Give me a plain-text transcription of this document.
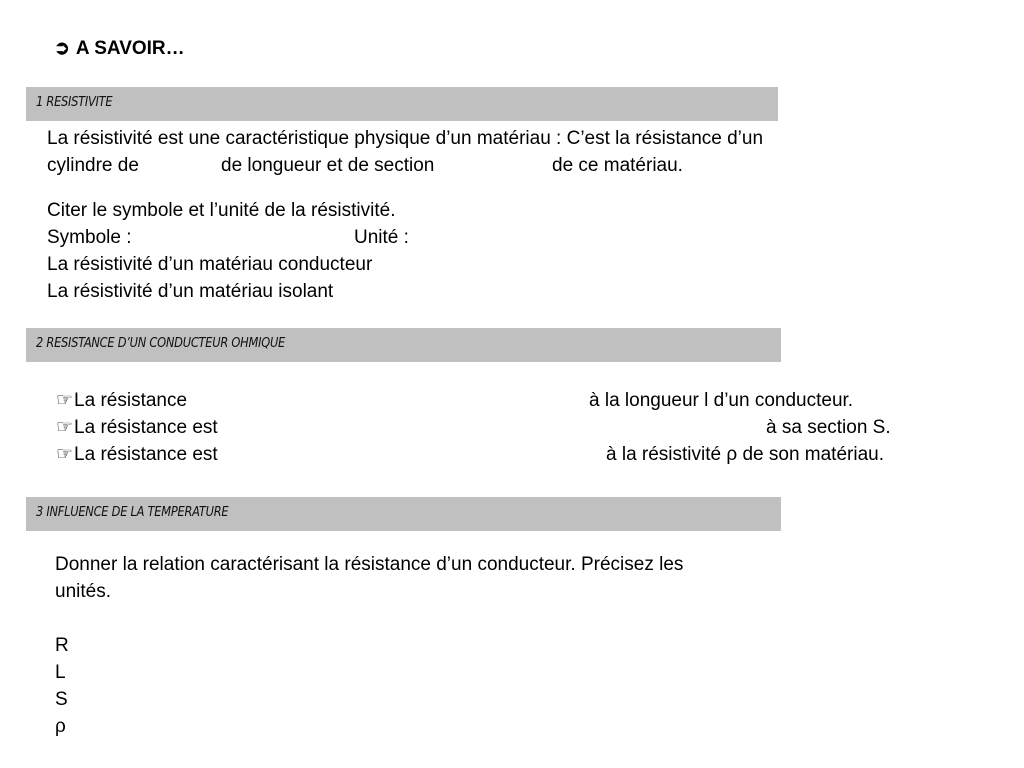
➲ A SAVOIR…
1 RESISTIVITE
La résistivité est une caractéristique physique d’un matériau : C’est la résistance d’un
cylindre de	de longueur et de section	de ce matériau.
Citer le symbole et l’unité de la résistivité.
Symbole :	Unité :
La résistivité d’un matériau conducteur
La résistivité d’un matériau isolant
2 RESISTANCE D’UN CONDUCTEUR OHMIQUE
☞La résistance	à la longueur l d’un conducteur.
☞La résistance est	à sa section S.
☞La résistance est	à la résistivité ρ de son matériau.
3 INFLUENCE DE LA TEMPERATURE
Donner la relation caractérisant la résistance d’un conducteur. Précisez les
unités.
R
L
S
ρ
